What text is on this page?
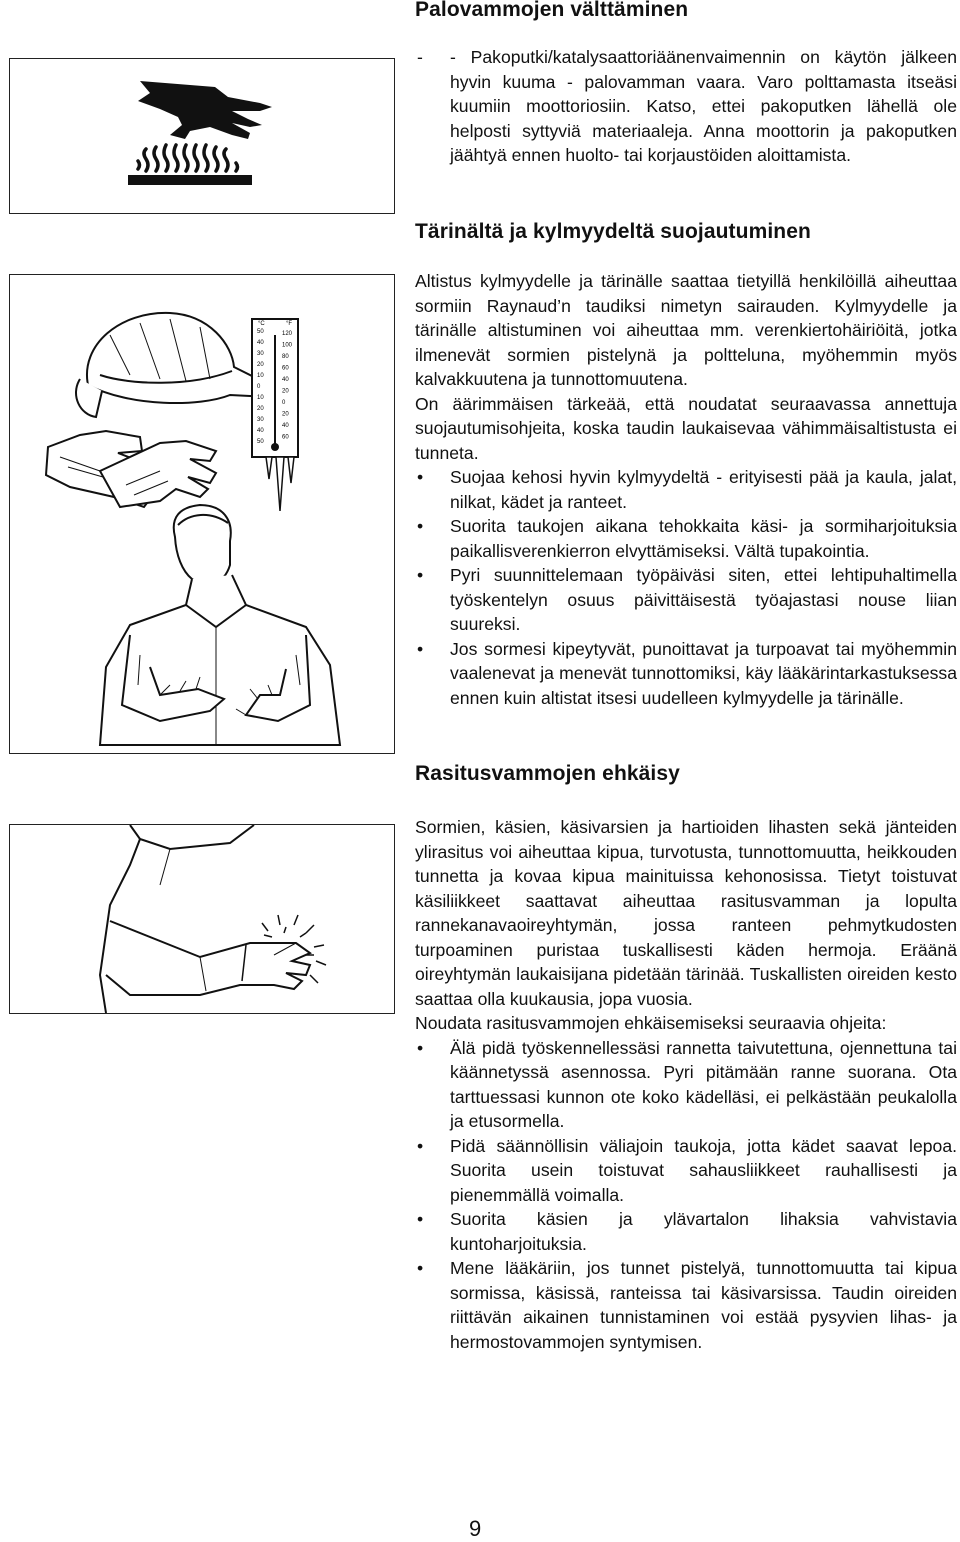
Palovammojen välttäminen

-	- Pakoputki/katalysaattoriäänenvaimennin on käytön jälkeen hyvin kuuma - palovamman vaara. Varo polttamasta itseäsi kuumiin moottoriosiin. Katso, ettei pakoputken lähellä ole helposti syttyviä materiaaleja. Anna moottorin ja pakoputken jäähtyä ennen huolto- tai korjaustöiden aloittamista.

Tärinältä ja kylmyydeltä suojautuminen
°C	°F
50
40
30
20
10
0
10
20
30
40
50
120
100
80
60
40
20
0
20
40
60

Altistus kylmyydelle ja tärinälle saattaa tietyillä henkilöillä aiheuttaa sormiin Raynaud’n taudiksi nimetyn sairauden. Kylmyydelle ja tärinälle altistuminen voi aiheuttaa mm. verenkiertohäiriöitä, jotka ilmenevät sormien pistelynä ja poltteluna, myöhemmin myös kalvakkuutena ja tunnottomuutena.

On äärimmäisen tärkeää, että noudatat seuraavassa annettuja suojautumisohjeita, koska taudin laukaisevaa vähimmäisaltistusta ei tunneta.

• Suojaa kehosi hyvin kylmyydeltä - erityisesti pää ja kaula, jalat, nilkat, kädet ja ranteet.

• Suorita taukojen aikana tehokkaita käsi- ja sormiharjoituksia paikallisverenkierron elvyttämiseksi. Vältä tupakointia.

• Pyri suunnittelemaan työpäiväsi siten, ettei lehtipuhaltimella työskentelyn osuus päivittäisestä työajastasi nouse liian suureksi.

• Jos sormesi kipeytyvät, punoittavat ja turpoavat tai myöhemmin vaalenevat ja menevät tunnottomiksi, käy lääkärintarkastuksessa ennen kuin altistat itsesi uudelleen kylmyydelle ja tärinälle.

Rasitusvammojen ehkäisy

Sormien, käsien, käsivarsien ja hartioiden lihasten sekä jänteiden ylirasitus voi aiheuttaa kipua, turvotusta, tunnottomuutta, heikkouden tunnetta ja kovaa kipua mainituissa kehonosissa. Tietyt toistuvat käsiliikkeet saattavat aiheuttaa rasitusvamman ja lopulta rannekanavaoireyhtymän, jossa ranteen pehmytkudosten turpoaminen puristaa tuskallisesti käden hermoja. Eräänä oireyhtymän laukaisijana pidetään tärinää. Tuskallisten oireiden kesto saattaa olla kuukausia, jopa vuosia.

Noudata rasitusvammojen ehkäisemiseksi seuraavia ohjeita:

• Älä pidä työskennellessäsi rannetta taivutettuna, ojennettuna tai käännetyssä asennossa. Pyri pitämään ranne suorana. Ota tarttuessasi kunnon ote koko kädelläsi, ei pelkästään peukalolla ja etusormella.

• Pidä säännöllisin väliajoin taukoja, jotta kädet saavat lepoa. Suorita usein toistuvat sahausliikkeet rauhallisesti ja pienemmällä voimalla.

• Suorita käsien ja ylävartalon lihaksia vahvistavia kuntoharjoituksia.

• Mene lääkäriin, jos tunnet pistelyä, tunnottomuutta tai kipua sormissa, käsissä, ranteissa tai käsivarsissa. Taudin oireiden riittävän aikainen tunnistaminen voi estää pysyvien lihas- ja hermostovammojen syntymisen.

9
